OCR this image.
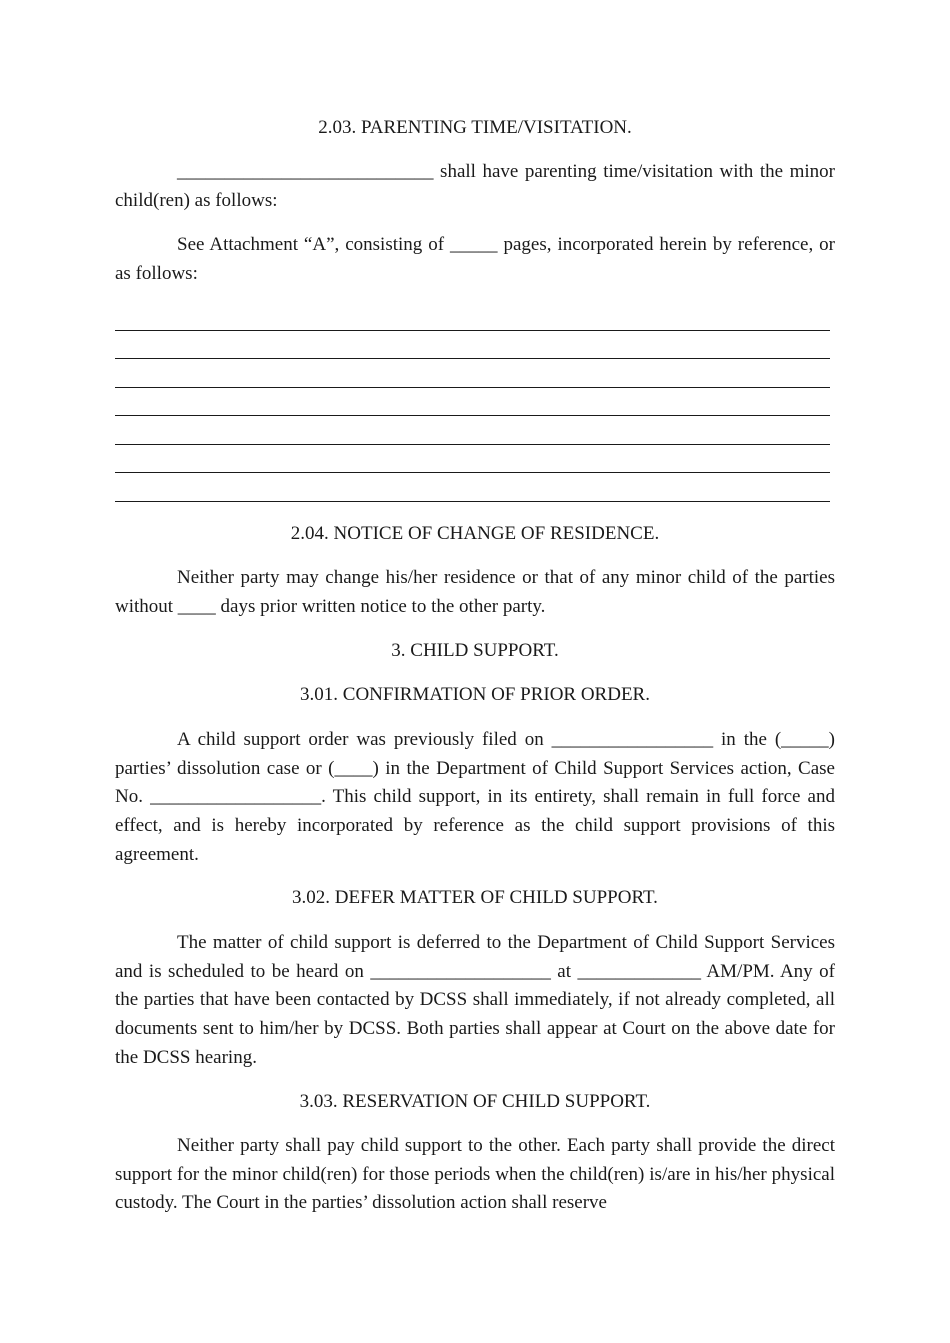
2.03. PARENTING TIME/VISITATION.

___________________________ shall have parenting time/visitation with the minor child(ren) as follows:

See Attachment “A”, consisting of _____ pages, incorporated herein by reference, or as follows:

2.04. NOTICE OF CHANGE OF RESIDENCE.

Neither party may change his/her residence or that of any minor child of the parties without ____ days prior written notice to the other party.

3. CHILD SUPPORT.
3.01. CONFIRMATION OF PRIOR ORDER.

A child support order was previously filed on _________________ in the (_____) parties’ dissolution case or (____) in the Department of Child Support Services action, Case No. __________________. This child support, in its entirety, shall remain in full force and effect, and is hereby incorporated by reference as the child support provisions of this agreement.

3.02. DEFER MATTER OF CHILD SUPPORT.

The matter of child support is deferred to the Department of Child Support Services and is scheduled to be heard on ___________________ at _____________ AM/PM. Any of the parties that have been contacted by DCSS shall immediately, if not already completed, all documents sent to him/her by DCSS. Both parties shall appear at Court on the above date for the DCSS hearing.

3.03. RESERVATION OF CHILD SUPPORT.

Neither party shall pay child support to the other. Each party shall provide the direct support for the minor child(ren) for those periods when the child(ren) is/are in his/her physical custody. The Court in the parties’ dissolution action shall reserve
